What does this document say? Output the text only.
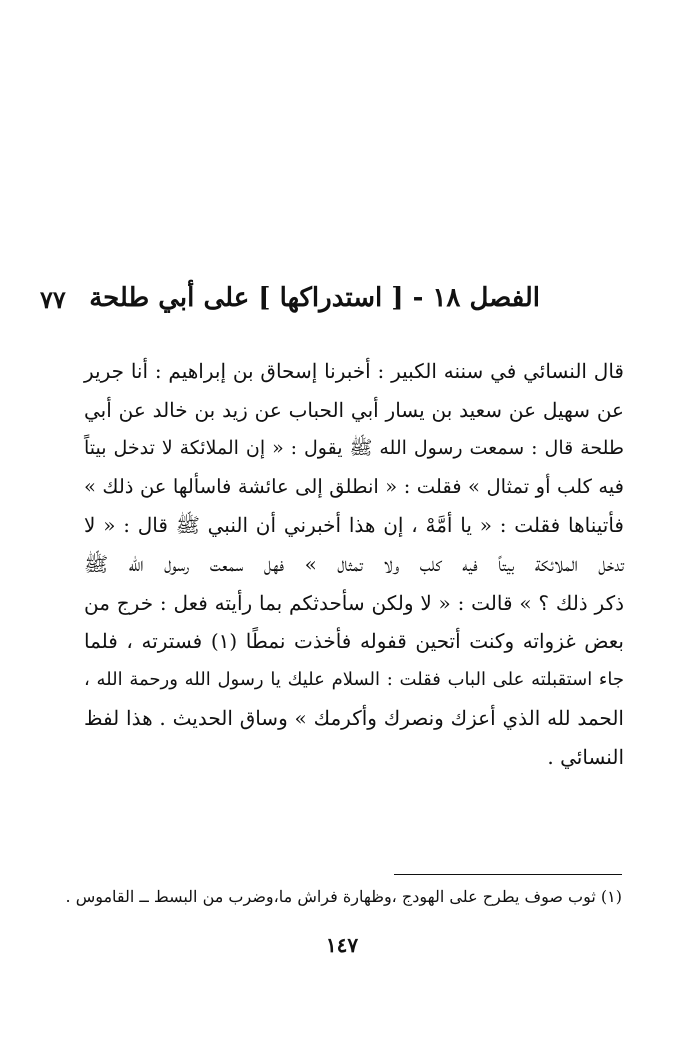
الفصل ١٨ - [ استدراكها ] على أبي طلحة
٧٧
قال النسائي في سننه الكبير : أخبرنا إسحاق بن إبراهيم : أنا جرير
عن سهيل عن سعيد بن يسار أبي الحباب عن زيد بن خالد عن أبي
طلحة قال : سمعت رسول الله ﷺ يقول : « إن الملائكة لا تدخل بيتاً
فيه كلب أو تمثال » فقلت : « انطلق إلى عائشة فاسألها عن ذلك »
فأتيناها فقلت : « يا أمَّهْ ، إن هذا أخبرني أن النبي ﷺ قال : « لا
تدخل الملائكة بيتاً فيه كلب ولا تمثال » فهل سمعت رسول الله ﷺ
ذكر ذلك ؟ » قالت : « لا ولكن سأحدثكم بما رأيته فعل : خرج من
بعض غزواته وكنت أتحين قفوله فأخذت نمطًا (١) فسترته ، فلما
جاء استقبلته على الباب فقلت : السلام عليك يا رسول الله ورحمة الله ،
الحمد لله الذي أعزك ونصرك وأكرمك » وساق الحديث . هذا لفظ
النسائي .
(١) ثوب صوف يطرح على الهودج ،وظهارة فراش ما،وضرب من البسط ــ القاموس .
١٤٧
